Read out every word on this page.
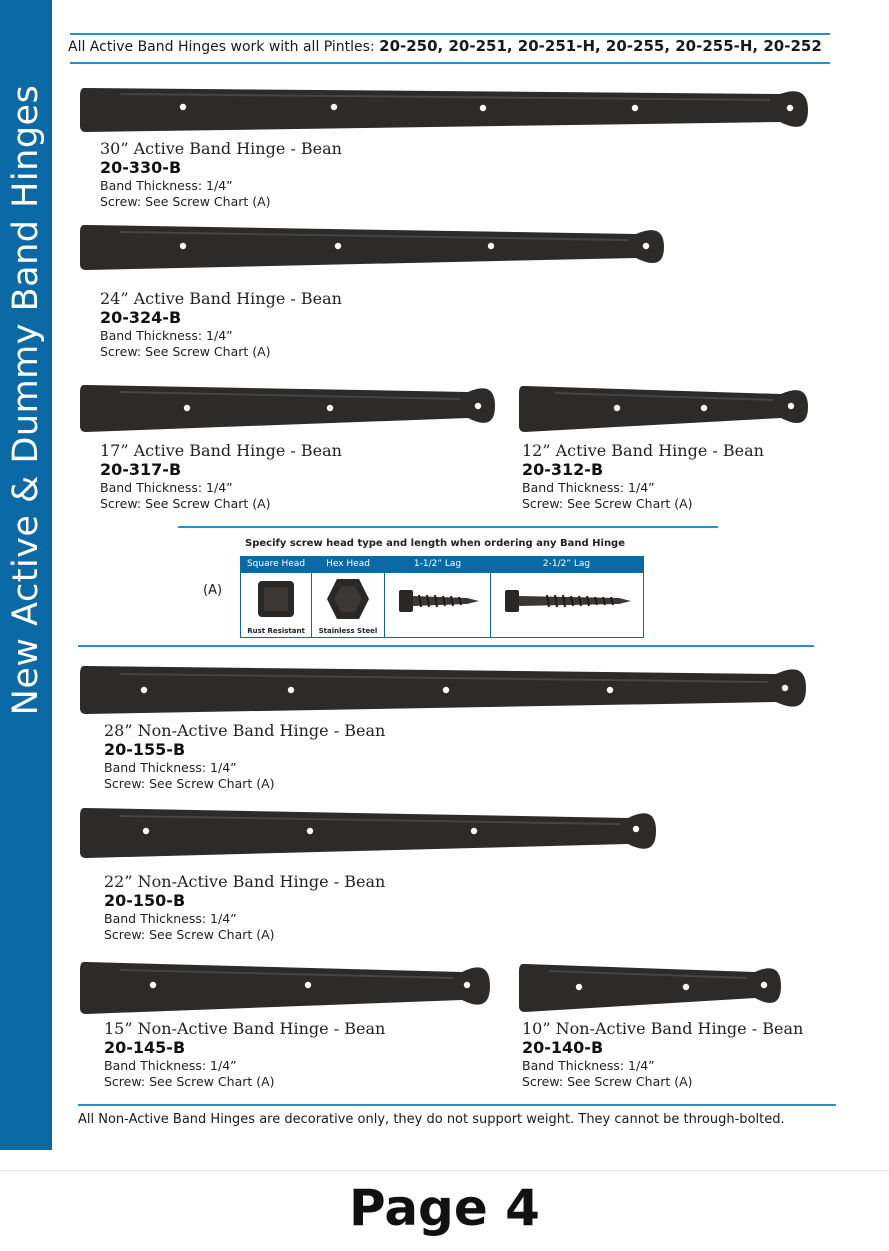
New Active & Dummy Band Hinges
All Active Band Hinges work with all Pintles: 20-250, 20-251, 20-251-H, 20-255, 20-255-H, 20-252
30” Active Band Hinge - Bean
20-330-B
Band Thickness: 1/4”
Screw: See Screw Chart (A)
24” Active Band Hinge - Bean
20-324-B
Band Thickness: 1/4”
Screw: See Screw Chart (A)
17” Active Band Hinge - Bean
20-317-B
Band Thickness: 1/4”
Screw: See Screw Chart (A)
12” Active Band Hinge - Bean
20-312-B
Band Thickness: 1/4”
Screw: See Screw Chart (A)
Specify screw head type and length when ordering any Band Hinge
(A)
Square Head
Rust Resistant
Hex Head
Stainless Steel
1-1/2” Lag	2-1/2” Lag
28” Non-Active Band Hinge - Bean
20-155-B
Band Thickness: 1/4”
Screw: See Screw Chart (A)
22” Non-Active Band Hinge - Bean
20-150-B
Band Thickness: 1/4”
Screw: See Screw Chart (A)
15” Non-Active Band Hinge - Bean
20-145-B
Band Thickness: 1/4”
Screw: See Screw Chart (A)
10” Non-Active Band Hinge - Bean
20-140-B
Band Thickness: 1/4”
Screw: See Screw Chart (A)
All Non-Active Band Hinges are decorative only, they do not support weight. They cannot be through-bolted.
Page 4
